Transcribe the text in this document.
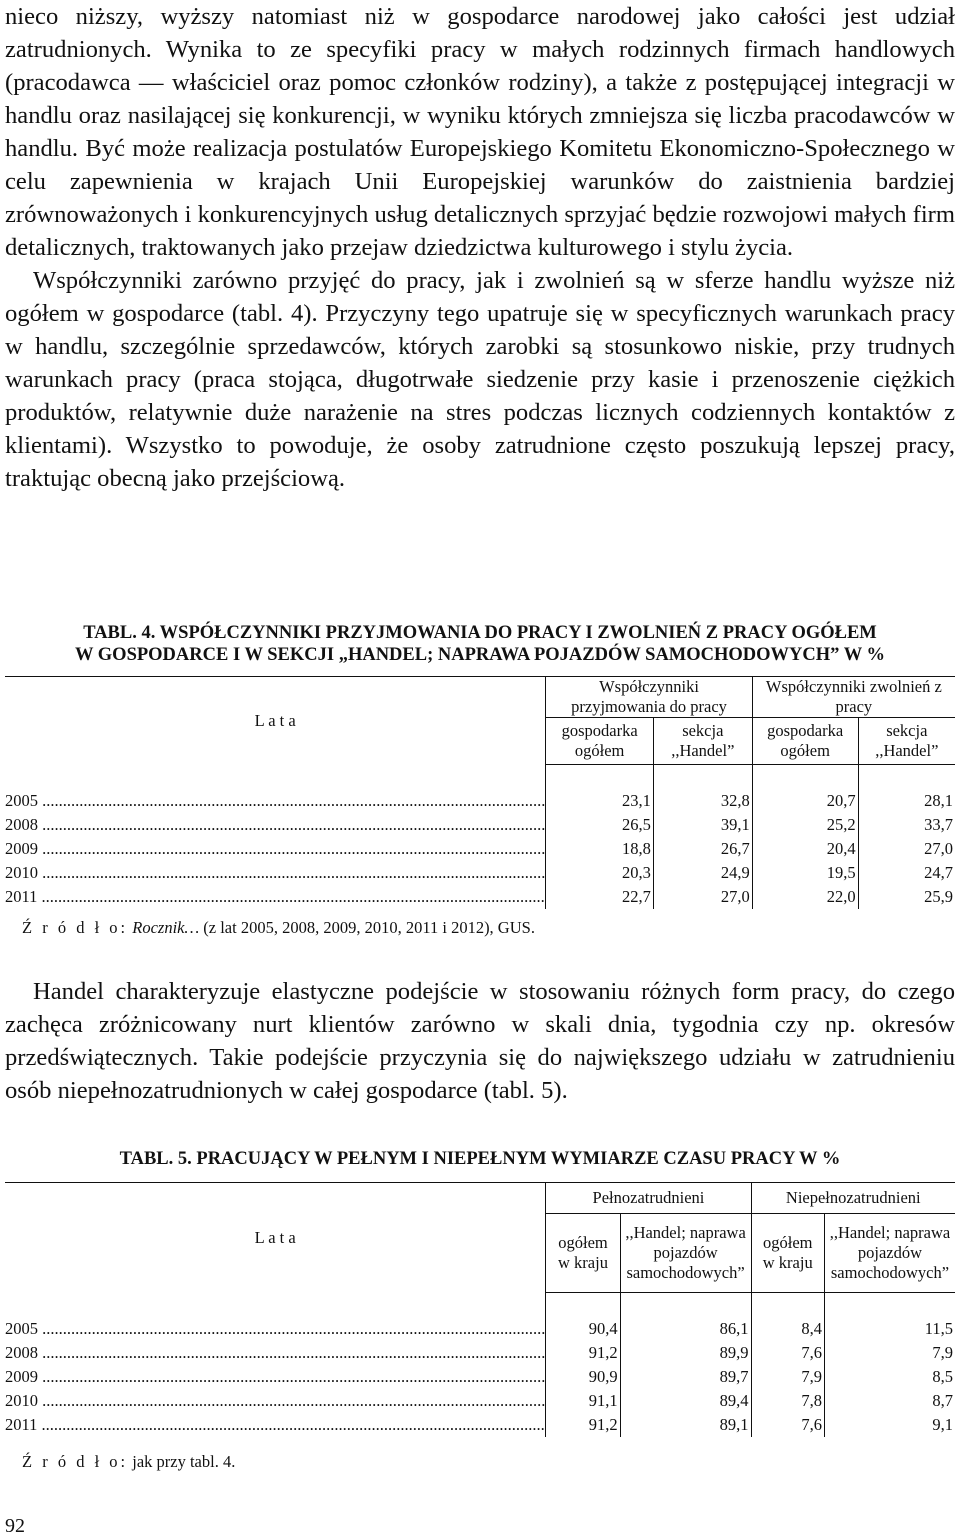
nieco niższy, wyższy natomiast niż w gospodarce narodowej jako całości jest udział zatrudnionych. Wynika to ze specyfiki pracy w małych rodzinnych firmach handlowych (pracodawca — właściciel oraz pomoc członków rodziny), a także z postępującej integracji w handlu oraz nasilającej się konkurencji, w wyniku których zmniejsza się liczba pracodawców w handlu. Być może realizacja postulatów Europejskiego Komitetu Ekonomiczno-Społecznego w celu zapewnienia w krajach Unii Europejskiej warunków do zaistnienia bardziej zrównoważonych i konkurencyjnych usług detalicznych sprzyjać będzie rozwojowi małych firm detalicznych, traktowanych jako przejaw dziedzictwa kulturowego i stylu życia.

Współczynniki zarówno przyjęć do pracy, jak i zwolnień są w sferze handlu wyższe niż ogółem w gospodarce (tabl. 4). Przyczyny tego upatruje się w specyficznych warunkach pracy w handlu, szczególnie sprzedawców, których zarobki są stosunkowo niskie, przy trudnych warunkach pracy (praca stojąca, długotrwałe siedzenie przy kasie i przenoszenie ciężkich produktów, relatywnie duże narażenie na stres podczas licznych codziennych kontaktów z klientami). Wszystko to powoduje, że osoby zatrudnione często poszukują lepszej pracy, traktując obecną jako przejściową.

TABL. 4. WSPÓŁCZYNNIKI PRZYJMOWANIA DO PRACY I ZWOLNIEŃ Z PRACY OGÓŁEM
W GOSPODARCE I W SEKCJI „HANDEL; NAPRAWA POJAZDÓW SAMOCHODOWYCH” W %
L a t a	Współczynniki przyjmowania do pracy		Współczynniki zwolnień z pracy	
	gospodarka ogółem	sekcja ,,Handel”	gospodarka ogółem	sekcja ,,Handel”

2005 .....	23,1	32,8	20,7	28,1

2008 .....	26,5	39,1	25,2	33,7

2009 .....	18,8	26,7	20,4	27,0

2010 .....	20,3	24,9	19,5	24,7

2011 .....	22,7	27,0	22,0	25,9
Ź r ó d ł o: Rocznik… (z lat 2005, 2008, 2009, 2010, 2011 i 2012), GUS.

Handel charakteryzuje elastyczne podejście w stosowaniu różnych form pracy, do czego zachęca zróżnicowany nurt klientów zarówno w skali dnia, tygodnia czy np. okresów przedświątecznych. Takie podejście przyczynia się do największego udziału w zatrudnieniu osób niepełnozatrudnionych w całej gospodarce (tabl. 5).

TABL. 5. PRACUJĄCY W PEŁNYM I NIEPEŁNYM WYMIARZE CZASU PRACY W %
L a t a	Pełnozatrudnieni		Niepełnozatrudnieni	
	ogółem w kraju	,,Handel; naprawa pojazdów samochodowych”	ogółem w kraju	,,Handel; naprawa pojazdów samochodowych”

2005 .....	90,4	86,1	8,4	11,5

2008 .....	91,2	89,9	7,6	7,9

2009 .....	90,9	89,7	7,9	8,5

2010 .....	91,1	89,4	7,8	8,7

2011 .....	91,2	89,1	7,6	9,1
Ź r ó d ł o: jak przy tabl. 4.
92
